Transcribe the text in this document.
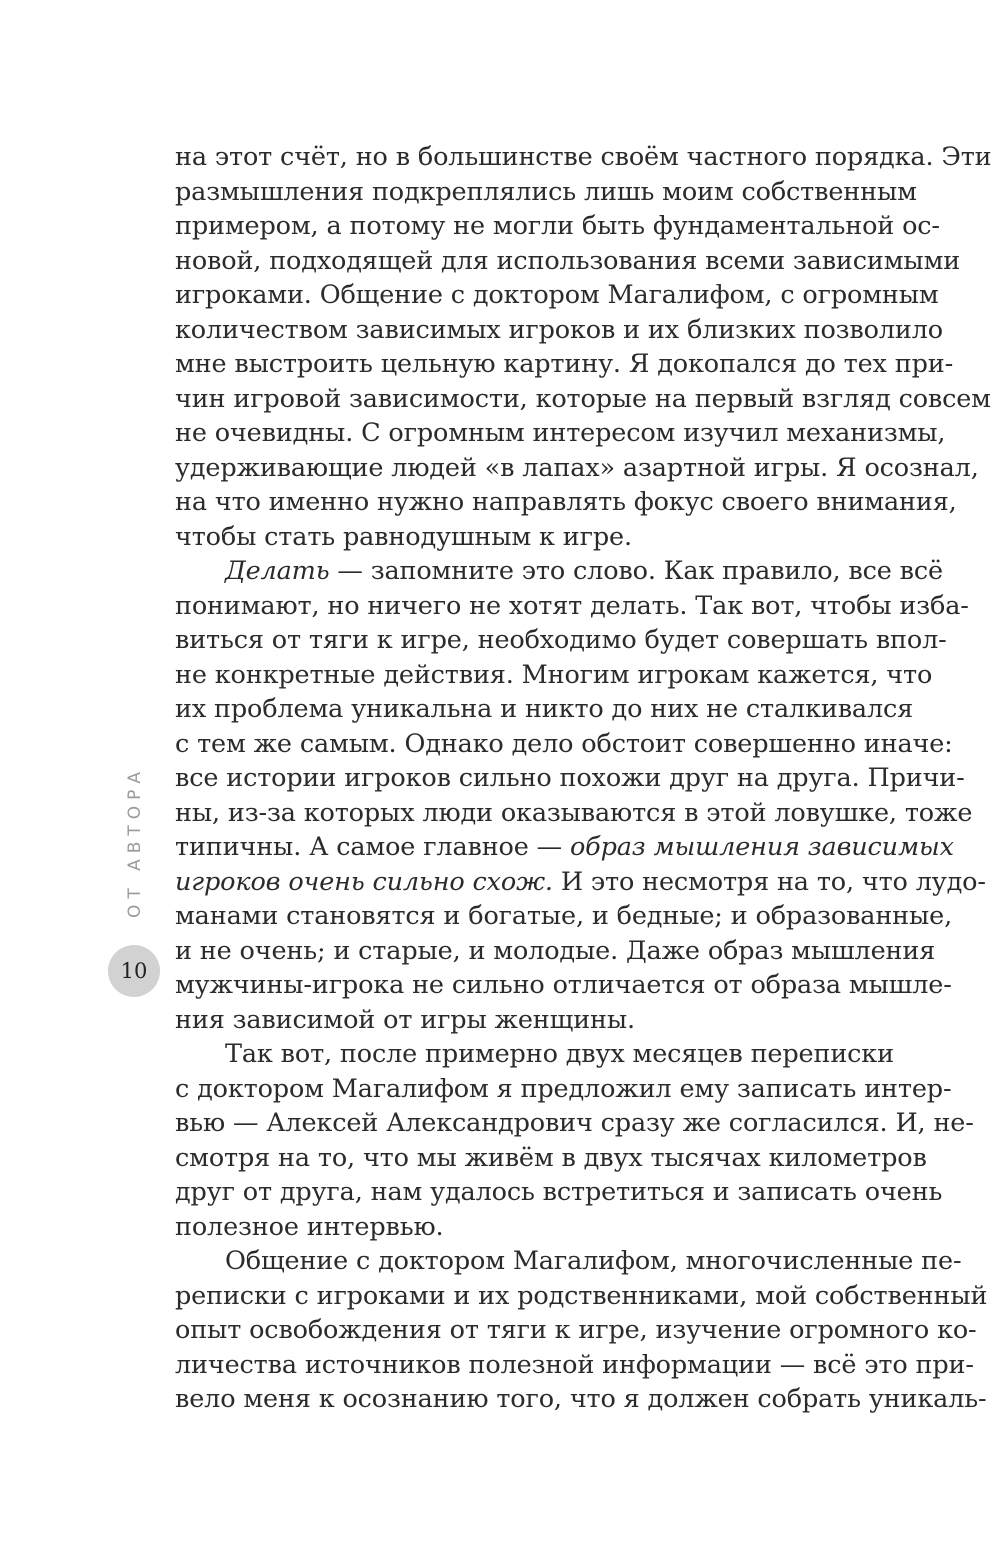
ОТ АВТОРА
10
на этот счёт, но в большинстве своём частного порядка. Эти
размышления подкреплялись лишь моим собственным
примером, а потому не могли быть фундаментальной ос-
новой, подходящей для использования всеми зависимыми
игроками. Общение с доктором Магалифом, с огромным
количеством зависимых игроков и их близких позволило
мне выстроить цельную картину. Я докопался до тех при-
чин игровой зависимости, которые на первый взгляд совсем
не очевидны. С огромным интересом изучил механизмы,
удерживающие людей «в лапах» азартной игры. Я осознал,
на что именно нужно направлять фокус своего внимания,
чтобы стать равнодушным к игре.
Делать — запомните это слово. Как правило, все всё
понимают, но ничего не хотят делать. Так вот, чтобы изба-
виться от тяги к игре, необходимо будет совершать впол-
не конкретные действия. Многим игрокам кажется, что
их проблема уникальна и никто до них не сталкивался
с тем же самым. Однако дело обстоит совершенно иначе:
все истории игроков сильно похожи друг на друга. Причи-
ны, из-за которых люди оказываются в этой ловушке, тоже
типичны. А самое главное — образ мышления зависимых
игроков очень сильно схож. И это несмотря на то, что лудо-
манами становятся и богатые, и бедные; и образованные,
и не очень; и старые, и молодые. Даже образ мышления
мужчины-игрока не сильно отличается от образа мышле-
ния зависимой от игры женщины.
Так вот, после примерно двух месяцев переписки
с доктором Магалифом я предложил ему записать интер-
вью — Алексей Александрович сразу же согласился. И, не-
смотря на то, что мы живём в двух тысячах километров
друг от друга, нам удалось встретиться и записать очень
полезное интервью.
Общение с доктором Магалифом, многочисленные пе-
реписки с игроками и их родственниками, мой собственный
опыт освобождения от тяги к игре, изучение огромного ко-
личества источников полезной информации — всё это при-
вело меня к осознанию того, что я должен собрать уникаль-
